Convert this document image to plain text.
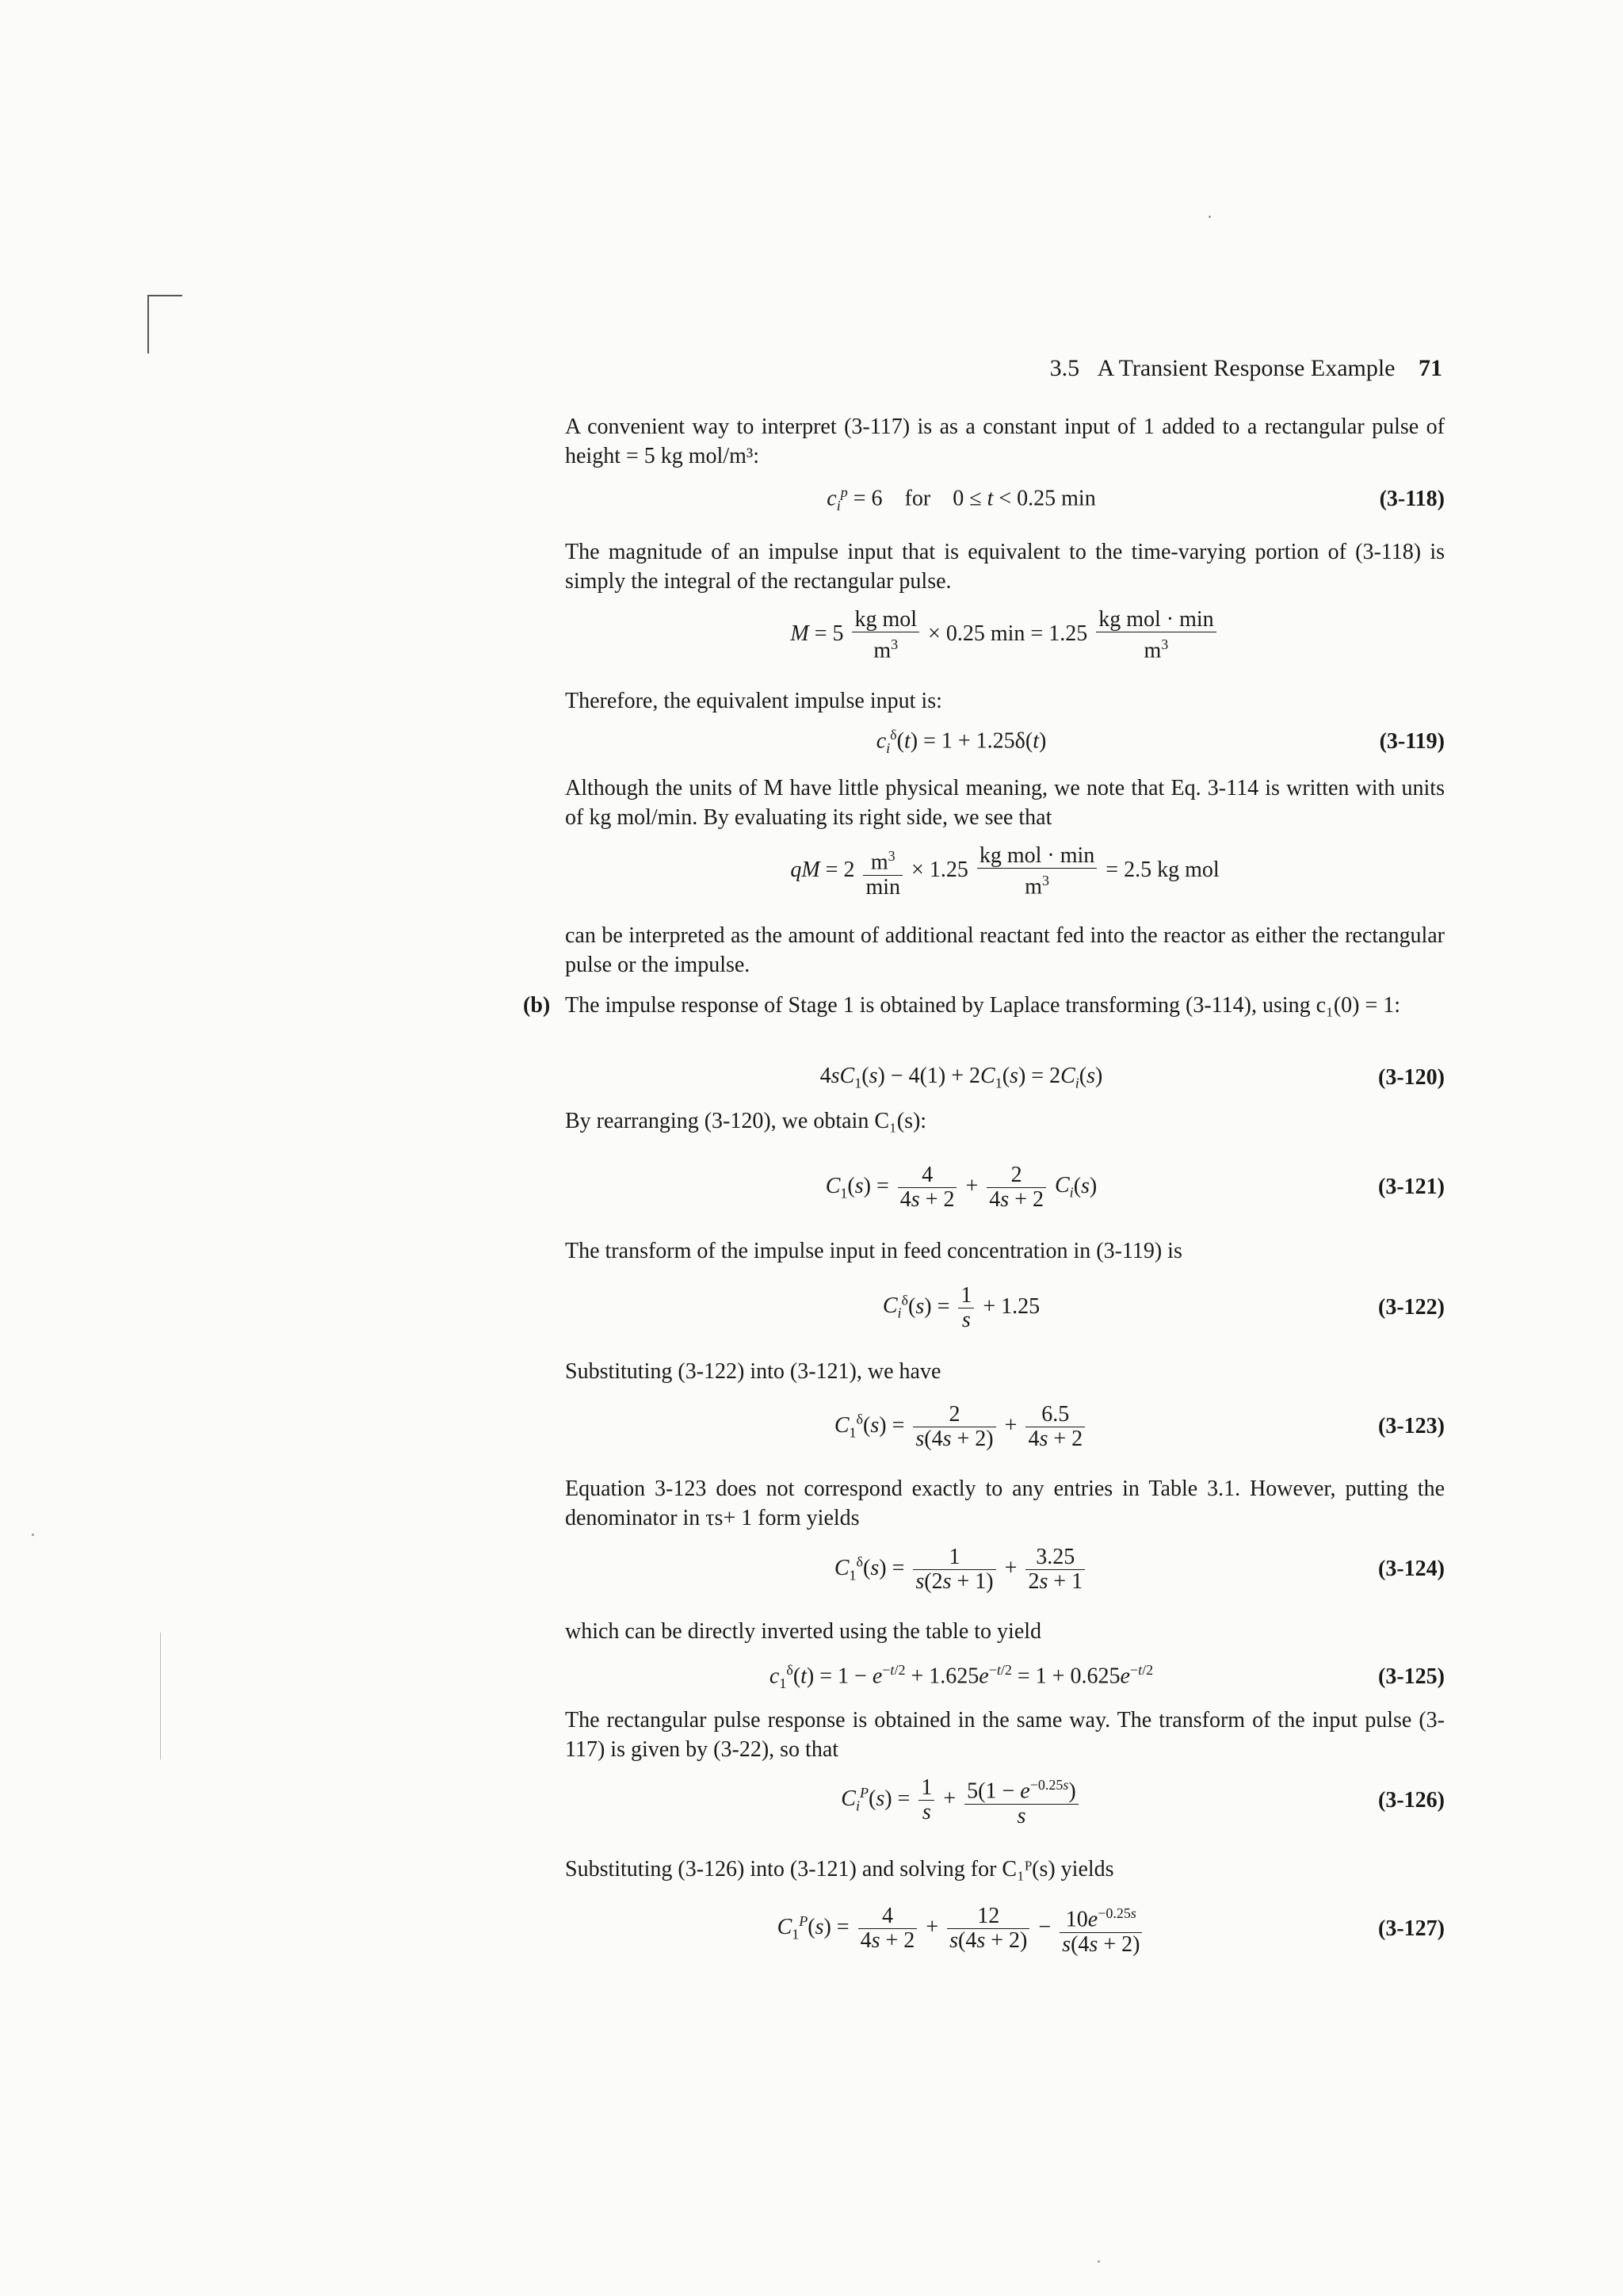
3.5 A Transient Response Example 71
A convenient way to interpret (3-117) is as a constant input of 1 added to a rectangular pulse of height = 5 kg mol/m³:
$c_i^p = 6$    for    0 ≤ t < 0.25 min	(3-118)
The magnitude of an impulse input that is equivalent to the time-varying portion of (3-118) is simply the integral of the rectangular pulse.
$M = 5 \frac{\text{kg mol}}{m^3} \times 0.25$ $\min = 1.25 \frac{\text{kg mol · min}}{m^3}$
Therefore, the equivalent impulse input is:
$c_i^\delta(t) = 1 + 1.25\delta(t)$	(3-119)
Although the units of M have little physical meaning, we note that Eq. 3-114 is written with units of kg mol/min. By evaluating its right side, we see that
qM = $2 \frac{m^3}{\min} \times 1.25 \frac{\text{kg mol · min}}{m^3} = 2.5$ kg mol
can be interpreted as the amount of additional reactant fed into the reactor as either the rectangular pulse or the impulse.
(b) The impulse response of Stage 1 is obtained by Laplace transforming (3-114), using c₁(0) = 1:
$4sC_1(s) - 4(1) + 2C_1(s) = 2C_i(s)$	(3-120)
By rearranging (3-120), we obtain C₁(s):
$C_1(s) = \frac{4}{4s + 2} + \frac{2}{4s + 2} C_i(s)$	(3-121)
The transform of the impulse input in feed concentration in (3-119) is
$C_i^\delta(s) = \frac{1}{s} + 1.25$	(3-122)
Substituting (3-122) into (3-121), we have
$C_1^\delta(s) = \frac{2}{s(4s + 2)} + \frac{6.5}{4s + 2}$	(3-123)
Equation 3-123 does not correspond exactly to any entries in Table 3.1. However, putting the denominator in τs+ 1 form yields
$C_1^\delta(s) = \frac{1}{s(2s + 1)} + \frac{3.25}{2s + 1}$	(3-124)
which can be directly inverted using the table to yield
$c_1^\delta(t) = 1 - e^{-t/2} + 1.625e^{-t/2} = 1 + 0.625e^{-t/2}$	(3-125)
The rectangular pulse response is obtained in the same way. The transform of the input pulse (3-117) is given by (3-22), so that
$C_i^P(s) = \frac{1}{s} + \frac{5(1 - e^{-0.25s})}{s}$	(3-126)
Substituting (3-126) into (3-121) and solving for C₁ᴾ(s) yields
$C_1^P(s) = \frac{4}{4s + 2} + \frac{12}{s(4s + 2)} - \frac{10e^{-0.25s}}{s(4s + 2)}$	(3-127)
